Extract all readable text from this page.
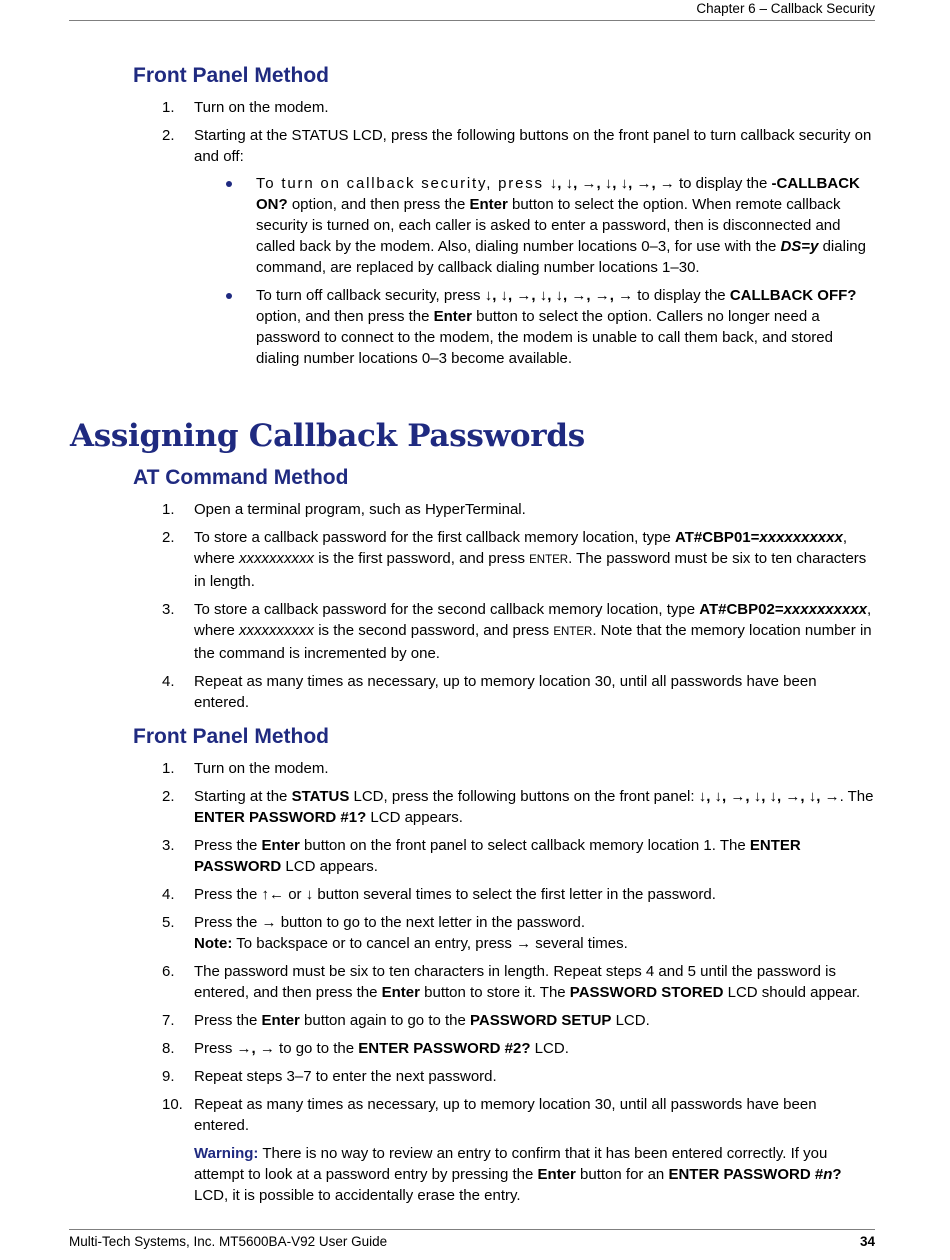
Chapter 6 – Callback Security
Front Panel Method
1.	Turn on the modem.
2.	Starting at the STATUS LCD, press the following buttons on the front panel to turn callback security on and off:
To turn on callback security, press ↓, ↓, →, ↓, ↓, →, → to display the -CALLBACK ON? option, and then press the Enter button to select the option. When remote callback security is turned on, each caller is asked to enter a password, then is disconnected and called back by the modem. Also, dialing number locations 0–3, for use with the DS=y dialing command, are replaced by callback dialing number locations 1–30.
To turn off callback security, press ↓, ↓, →, ↓, ↓, →, →, → to display the CALLBACK OFF? option, and then press the Enter button to select the option. Callers no longer need a password to connect to the modem, the modem is unable to call them back, and stored dialing number locations 0–3 become available.
Assigning Callback Passwords
AT Command Method
1.	Open a terminal program, such as HyperTerminal.
2.	To store a callback password for the first callback memory location, type AT#CBP01=xxxxxxxxxx, where xxxxxxxxxx is the first password, and press ENTER. The password must be six to ten characters in length.
3.	To store a callback password for the second callback memory location, type AT#CBP02=xxxxxxxxxx, where xxxxxxxxxx is the second password, and press ENTER. Note that the memory location number in the command is incremented by one.
4.	Repeat as many times as necessary, up to memory location 30, until all passwords have been entered.
Front Panel Method
1.	Turn on the modem.
2.	Starting at the STATUS LCD, press the following buttons on the front panel: ↓, ↓, →, ↓, ↓, →, ↓, →. The ENTER PASSWORD #1? LCD appears.
3.	Press the Enter button on the front panel to select callback memory location 1. The ENTER PASSWORD LCD appears.
4.	Press the ↑← or ↓ button several times to select the first letter in the password.
5.	Press the → button to go to the next letter in the password.
Note: To backspace or to cancel an entry, press → several times.
6.	The password must be six to ten characters in length. Repeat steps 4 and 5 until the password is entered, and then press the Enter button to store it. The PASSWORD STORED LCD should appear.
7.	Press the Enter button again to go to the PASSWORD SETUP LCD.
8.	Press →, → to go to the ENTER PASSWORD #2? LCD.
9.	Repeat steps 3–7 to enter the next password.
10. Repeat as many times as necessary, up to memory location 30, until all passwords have been entered.
Warning: There is no way to review an entry to confirm that it has been entered correctly. If you attempt to look at a password entry by pressing the Enter button for an ENTER PASSWORD #n? LCD, it is possible to accidentally erase the entry.
Multi-Tech Systems, Inc. MT5600BA-V92 User Guide	34
